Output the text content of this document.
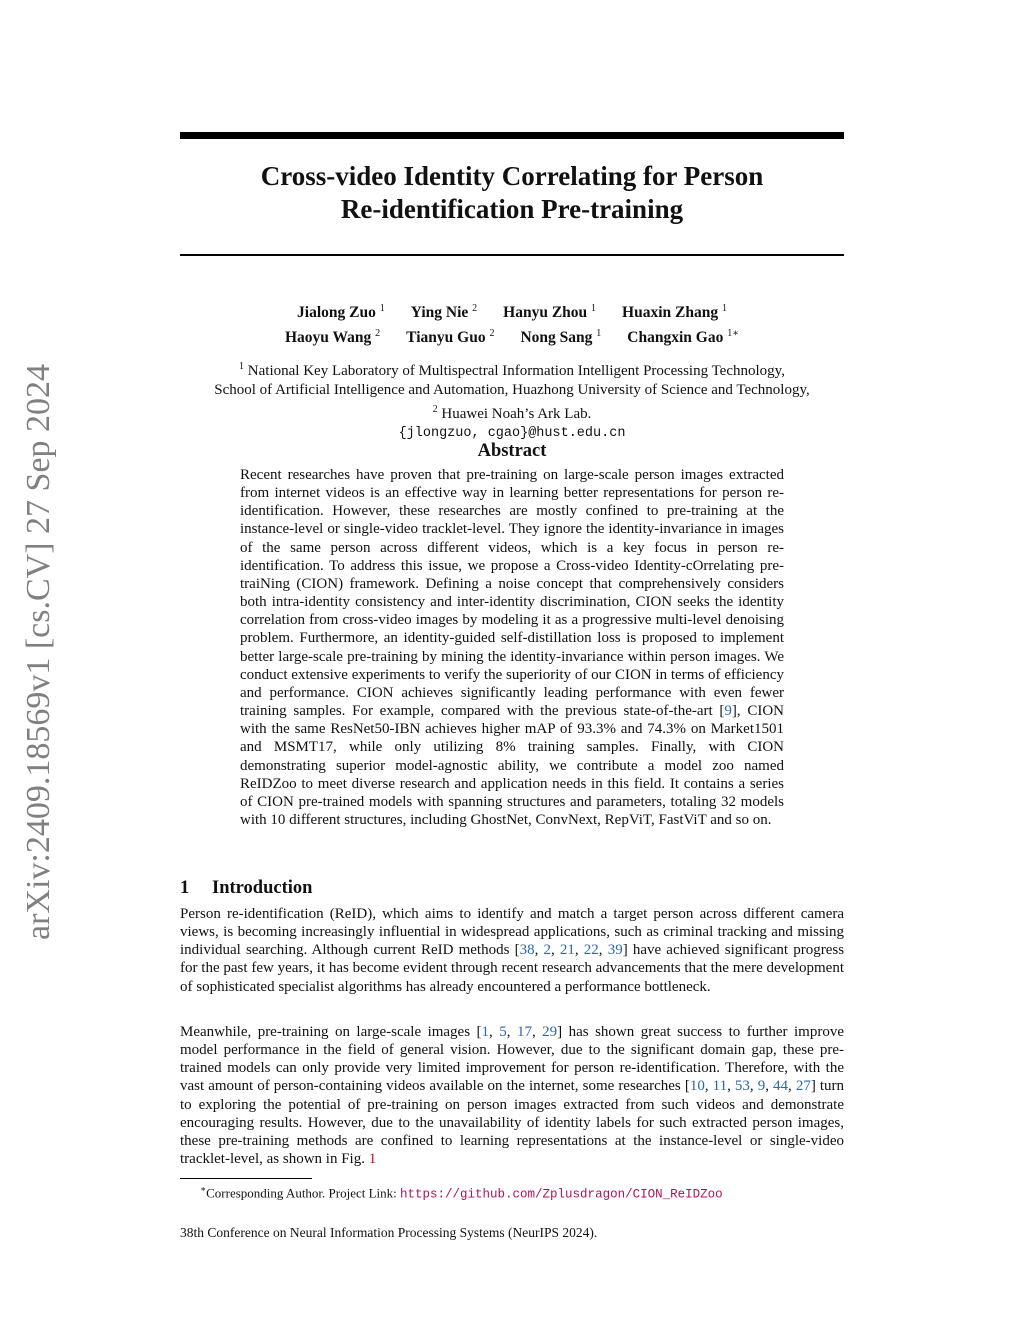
arXiv:2409.18569v1 [cs.CV] 27 Sep 2024
Cross-video Identity Correlating for Person
Re-identification Pre-training
Jialong Zuo $^1$ Ying Nie $^2$ Hanyu Zhou $^1$ Huaxin Zhang $^1$
Haoyu Wang $^2$ Tianyu Guo $^2$ Nong Sang $^1$ Changxin Gao $^{1∗}$
$^1$ National Key Laboratory of Multispectral Information Intelligent Processing Technology,
School of Artificial Intelligence and Automation, Huazhong University of Science and Technology,
$^2$ Huawei Noah’s Ark Lab.
{jlongzuo, cgao}@hust.edu.cn
Abstract
Recent researches have proven that pre-training on large-scale person images extracted from internet videos is an effective way in learning better representations for person re-identification. However, these researches are mostly confined to pre-training at the instance-level or single-video tracklet-level. They ignore the identity-invariance in images of the same person across different videos, which is a key focus in person re-identification. To address this issue, we propose a Cross-video Identity-cOrrelating pre-traiNing (CION) framework. Defining a noise concept that comprehensively considers both intra-identity consistency and inter-identity discrimination, CION seeks the identity correlation from cross-video images by modeling it as a progressive multi-level denoising problem. Furthermore, an identity-guided self-distillation loss is proposed to implement better large-scale pre-training by mining the identity-invariance within person images. We conduct extensive experiments to verify the superiority of our CION in terms of efficiency and performance. CION achieves significantly leading performance with even fewer training samples. For example, compared with the previous state-of-the-art [9], CION with the same ResNet50-IBN achieves higher mAP of 93.3% and 74.3% on Market1501 and MSMT17, while only utilizing 8% training samples. Finally, with CION demonstrating superior model-agnostic ability, we contribute a model zoo named ReIDZoo to meet diverse research and application needs in this field. It contains a series of CION pre-trained models with spanning structures and parameters, totaling 32 models with 10 different structures, including GhostNet, ConvNext, RepViT, FastViT and so on.
1 Introduction
Person re-identification (ReID), which aims to identify and match a target person across different camera views, is becoming increasingly influential in widespread applications, such as criminal tracking and missing individual searching. Although current ReID methods [38, 2, 21, 22, 39] have achieved significant progress for the past few years, it has become evident through recent research advancements that the mere development of sophisticated specialist algorithms has already encountered a performance bottleneck.
Meanwhile, pre-training on large-scale images [1, 5, 17, 29] has shown great success to further improve model performance in the field of general vision. However, due to the significant domain gap, these pre-trained models can only provide very limited improvement for person re-identification. Therefore, with the vast amount of person-containing videos available on the internet, some researches [10, 11, 53, 9, 44, 27] turn to exploring the potential of pre-training on person images extracted from such videos and demonstrate encouraging results. However, due to the unavailability of identity labels for such extracted person images, these pre-training methods are confined to learning representations at the instance-level or single-video tracklet-level, as shown in Fig. 1
∗Corresponding Author. Project Link: https://github.com/Zplusdragon/CION_ReIDZoo
38th Conference on Neural Information Processing Systems (NeurIPS 2024).
